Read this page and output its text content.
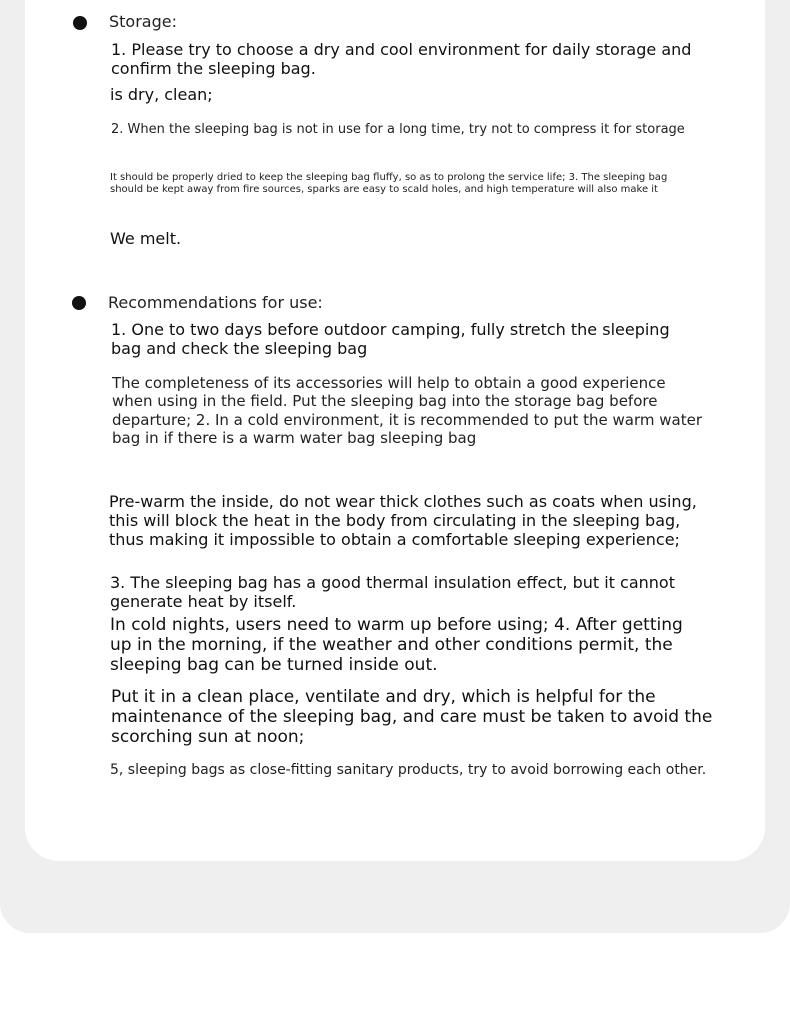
Storage:

1. Please try to choose a dry and cool environment for daily storage and
confirm the sleeping bag.

is dry, clean;

2. When the sleeping bag is not in use for a long time, try not to compress it for storage

It should be properly dried to keep the sleeping bag fluffy, so as to prolong the service life; 3. The sleeping bag
should be kept away from fire sources, sparks are easy to scald holes, and high temperature will also make it

We melt.

Recommendations for use:

1. One to two days before outdoor camping, fully stretch the sleeping
bag and check the sleeping bag

The completeness of its accessories will help to obtain a good experience
when using in the field. Put the sleeping bag into the storage bag before
departure; 2. In a cold environment, it is recommended to put the warm water
bag in if there is a warm water bag sleeping bag

Pre-warm the inside, do not wear thick clothes such as coats when using,
this will block the heat in the body from circulating in the sleeping bag,
thus making it impossible to obtain a comfortable sleeping experience;

3. The sleeping bag has a good thermal insulation effect, but it cannot
generate heat by itself.

In cold nights, users need to warm up before using; 4. After getting
up in the morning, if the weather and other conditions permit, the
sleeping bag can be turned inside out.

Put it in a clean place, ventilate and dry, which is helpful for the
maintenance of the sleeping bag, and care must be taken to avoid the
scorching sun at noon;

5, sleeping bags as close-fitting sanitary products, try to avoid borrowing each other.
